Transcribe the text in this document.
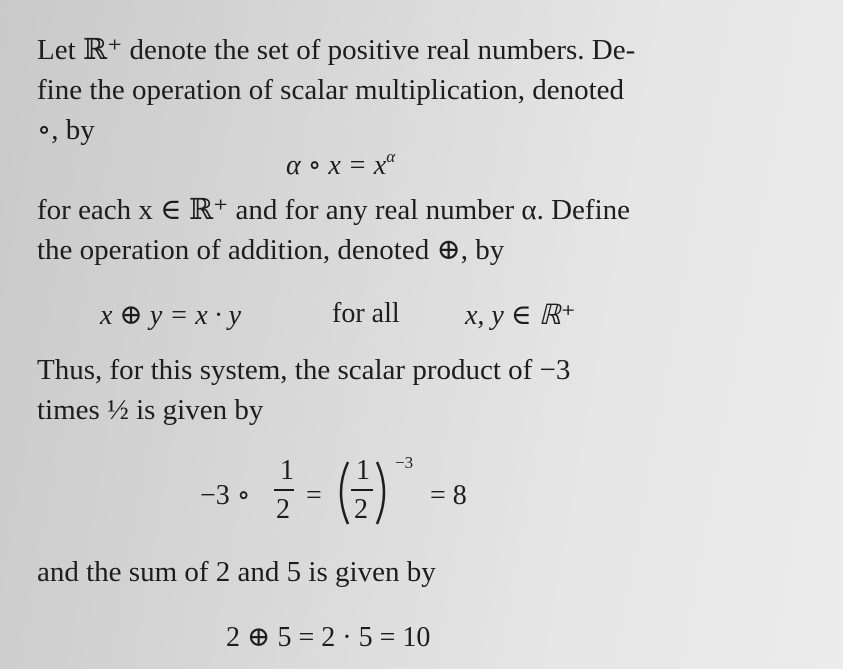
Let ℝ⁺ denote the set of positive real numbers. De-
fine the operation of scalar multiplication, denoted
∘, by
α ∘ $x = x^\alpha$
for each x ∈ ℝ⁺ and for any real number α. Define
the operation of addition, denoted ⊕, by
x ⊕ y = x · y	for all x, y ∈ ℝ⁺
Thus, for this system, the scalar product of −3
times ½ is given by
−3 ∘
1
2 =
1
2
−3
= 8
and the sum of 2 and 5 is given by
2 ⊕ 5 = 2 · 5 = 10
